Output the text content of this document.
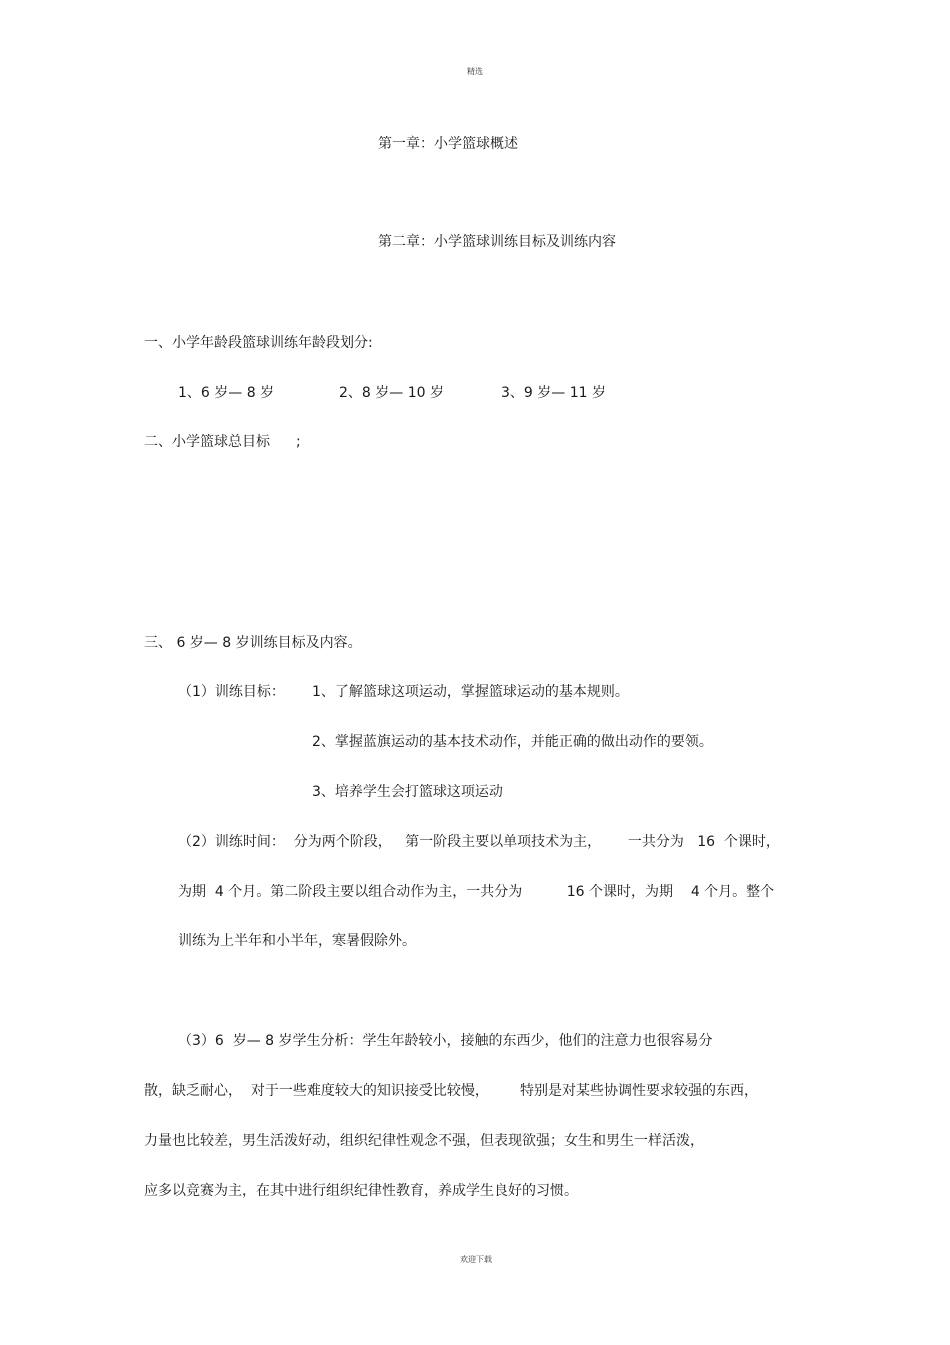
精选
第一章：小学篮球概述
第二章：小学篮球训练目标及训练内容
一、小学年龄段篮球训练年龄段划分:
1、6 岁— 8 岁	2、8 岁— 10 岁	3、9 岁— 11 岁
二、小学篮球总目标 ;
三、 6 岁— 8 岁训练目标及内容。
（1）训练目标： 1、了解篮球这项运动，掌握篮球运动的基本规则。
2、掌握蓝旗运动的基本技术动作，并能正确的做出动作的要领。
3、培养学生会打篮球这项运动
（2）训练时间：  分为两个阶段，   第一阶段主要以单项技术为主，      一共分为   16  个课时，
为期  4 个月。第二阶段主要以组合动作为主，一共分为          16 个课时，为期    4 个月。整个
训练为上半年和小半年，寒暑假除外。
（3）6  岁— 8 岁学生分析：学生年龄较小，接触的东西少，他们的注意力也很容易分
散，缺乏耐心，  对于一些难度较大的知识接受比较慢，       特别是对某些协调性要求较强的东西，
力量也比较差，男生活泼好动，组织纪律性观念不强，但表现欲强；女生和男生一样活泼，
应多以竞赛为主，在其中进行组织纪律性教育，养成学生良好的习惯。
欢迎下载
